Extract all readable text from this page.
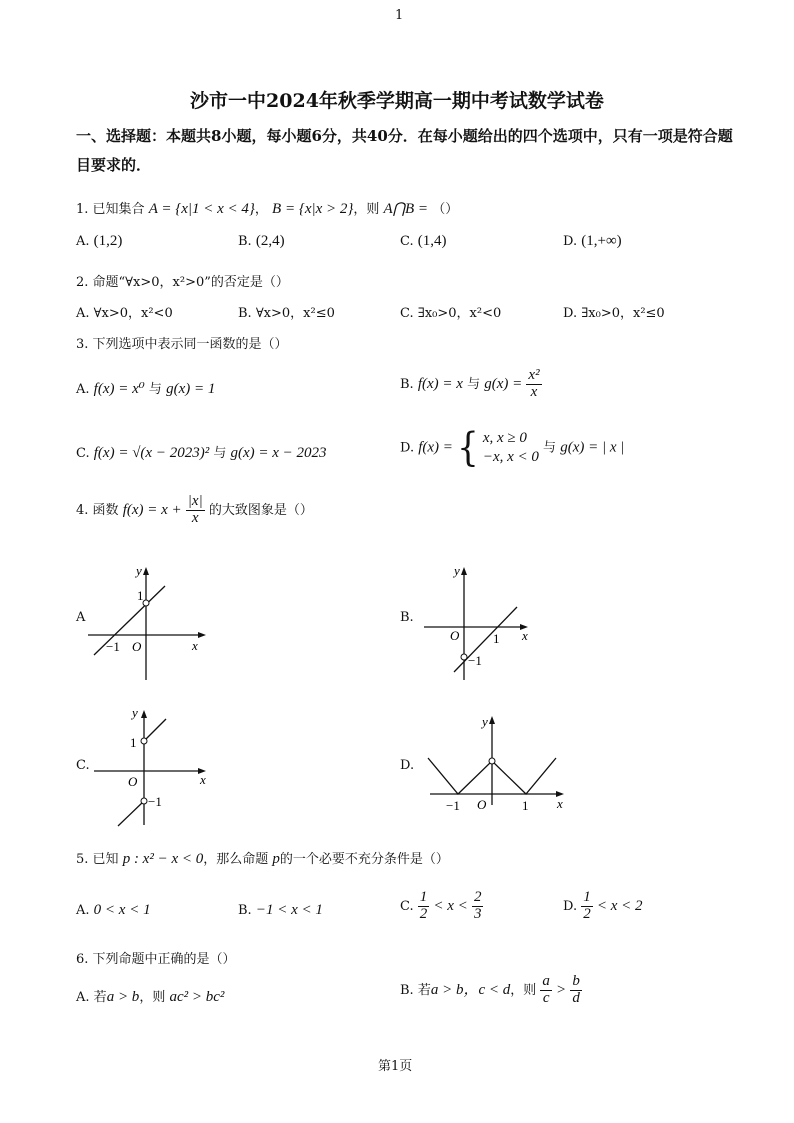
1
沙市一中2024年秋季学期高一期中考试数学试卷
一、选择题：本题共8小题，每小题6分，共40分．在每小题给出的四个选项中，只有一项是符合题目要求的．
1. 已知集合 A = {x|1 < x < 4}， B = {x|x > 2}，则 A⋂B = （）
A. (1,2)	B. (2,4)	C. (1,4)	D. (1,+∞)
2. 命题“∀x>0，x²>0”的否定是（）
A. ∀x>0，x²<0	B. ∀x>0，x²≤0	C. ∃x₀>0，x²<0	D. ∃x₀>0，x²≤0
3. 下列选项中表示同一函数的是（）
A. f(x) = x⁰ 与 g(x) = 1	B. f(x) = x 与 $g(x) = \frac{\text{x²}}{x}$
C. f(x) = √(x − 2023)² 与 g(x) = x − 2023	D. f(x) = { x, x ≥ 0
−x, x < 0
与 g(x) = | x |
4. 函数 $f(x) = x + \frac{|x|}{x}$ 的大致图象是（）
A
y
x
O
1
−1
B.
y
x
O	1
−1
C.
y
x
O
1
−1
D.
y
x
O	1
−1
5. 已知 p : x² − x < 0，那么命题 p的一个必要不充分条件是（）
A. 0 < x < 1	B. −1 < x < 1	C. $\frac{1}{2} < x < \frac{2}{3}$	D. $\frac{1}{2} < x < 2$
6. 下列命题中正确的是（）
A. 若a > b，则 ac² > bc²	B. 若a > b，c < d，则 $\frac{a}{c} > \frac{b}{d}$
第1页
